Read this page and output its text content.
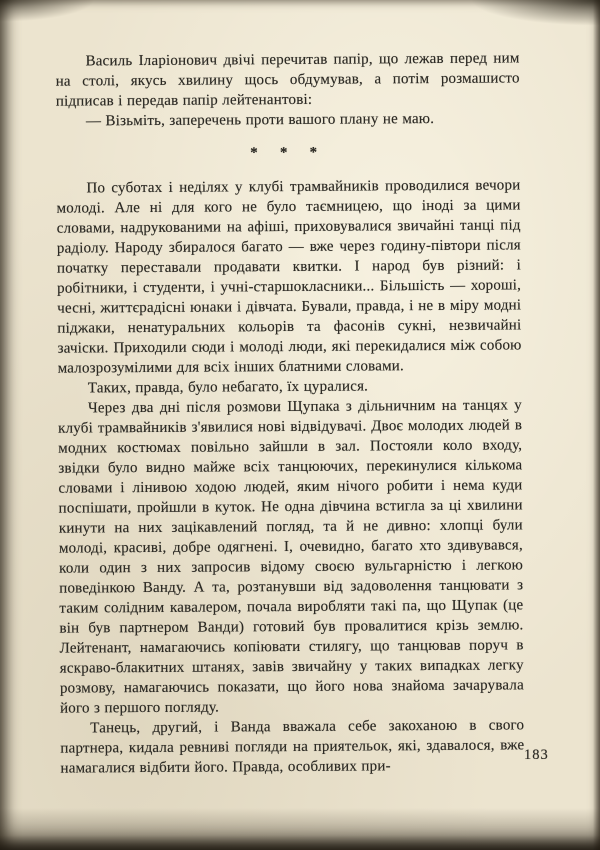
Василь Іларіонович двічі перечитав папір, що лежав перед ним на столі, якусь хвилину щось обдумував, а потім розмашисто підписав і передав папір лейтенантові:

— Візьміть, заперечень проти вашого плану не маю.

* * *

По суботах і неділях у клубі трамвайників проводилися вечори молоді. Але ні для кого не було таємницею, що іноді за цими словами, надрукованими на афіші, приховувалися звичайні танці під радіолу. Народу збиралося багато — вже через годину-півтори після початку переставали продавати квитки. І народ був різний: і робітники, і студенти, і учні-старшокласники... Більшість — хороші, чесні, життєрадісні юнаки і дівчата. Бували, правда, і не в міру модні піджаки, ненатуральних кольорів та фасонів сукні, незвичайні зачіски. Приходили сюди і молоді люди, які перекидалися між собою малозрозумілими для всіх інших блатними словами.

Таких, правда, було небагато, їх цуралися.

Через два дні після розмови Щупака з дільничним на танцях у клубі трамвайників з'явилися нові відвідувачі. Двоє молодих людей в модних костюмах повільно зайшли в зал. Постояли коло входу, звідки було видно майже всіх танцюючих, перекинулися кількома словами і лінивою ходою людей, яким нічого робити і нема куди поспішати, пройшли в куток. Не одна дівчина встигла за ці хвилини кинути на них зацікавлений погляд, та й не дивно: хлопці були молоді, красиві, добре одягнені. І, очевидно, багато хто здивувався, коли один з них запросив відому своєю вульгарністю і легкою поведінкою Ванду. А та, розтанувши від задоволення танцювати з таким солідним кавалером, почала виробляти такі па, що Щупак (це він був партнером Ванди) готовий був провалитися крізь землю. Лейтенант, намагаючись копіювати стилягу, що танцював поруч в яскраво-блакитних штанях, завів звичайну у таких випадках легку розмову, намагаючись показати, що його нова знайома зачарувала його з першого погляду.

Танець, другий, і Ванда вважала себе закоханою в свого партнера, кидала ревниві погляди на приятельок, які, здавалося, вже намагалися відбити його. Правда, особливих при-

183
